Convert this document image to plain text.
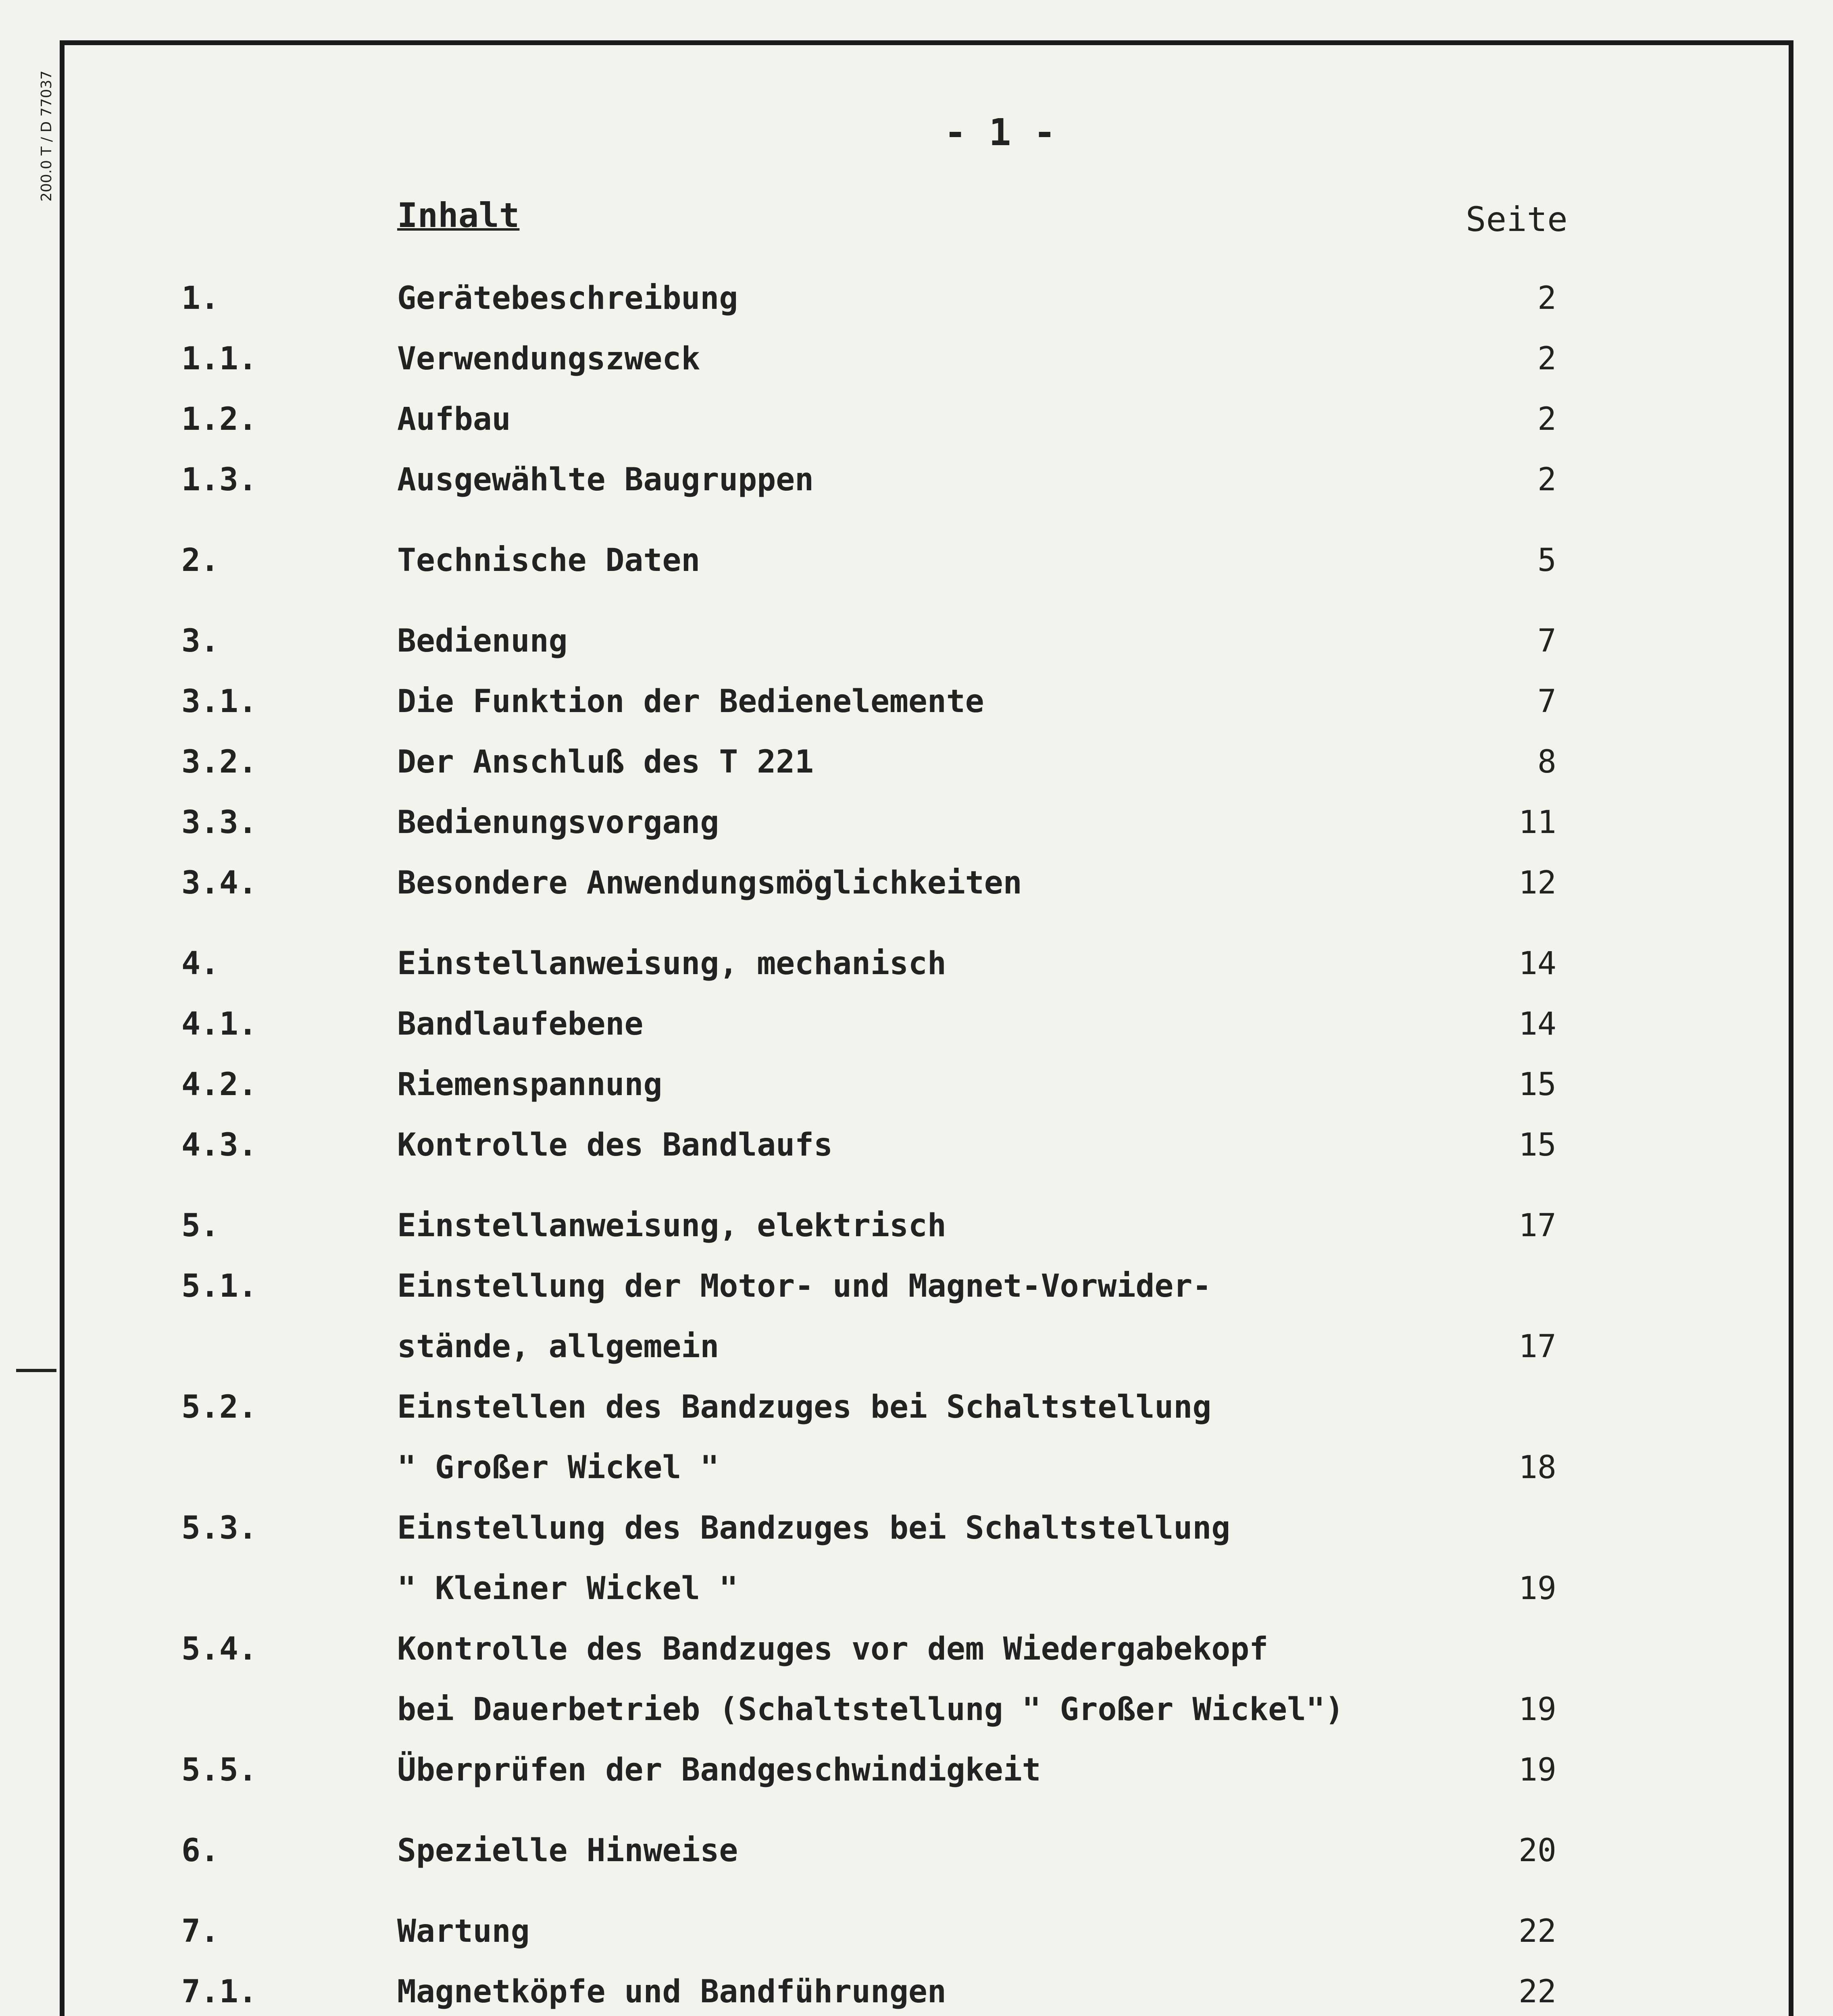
200.0 T / D 77037	- 1 -
Inhalt	Seite
1.	Gerätebeschreibung	2
1.1.	Verwendungszweck	2
1.2.	Aufbau	2
1.3.	Ausgewählte Baugruppen	2
2.	Technische Daten	5
3.	Bedienung	7
3.1.	Die Funktion der Bedienelemente	7
3.2.	Der Anschluß des T 221	8
3.3.	Bedienungsvorgang	11
3.4.	Besondere Anwendungsmöglichkeiten	12
4.	Einstellanweisung, mechanisch	14
4.1.	Bandlaufebene	14
4.2.	Riemenspannung	15
4.3.	Kontrolle des Bandlaufs	15
5.	Einstellanweisung, elektrisch	17
5.1.	Einstellung der Motor- und Magnet-Vorwider-
stände, allgemein	17
5.2.	Einstellen des Bandzuges bei Schaltstellung
" Großer Wickel "	18
5.3.	Einstellung des Bandzuges bei Schaltstellung
" Kleiner Wickel "	19
5.4.	Kontrolle des Bandzuges vor dem Wiedergabekopf
bei Dauerbetrieb (Schaltstellung " Großer Wickel")	19
5.5.	Überprüfen der Bandgeschwindigkeit	19
6.	Spezielle Hinweise	20
7.	Wartung	22
7.1.	Magnetköpfe und Bandführungen	22
